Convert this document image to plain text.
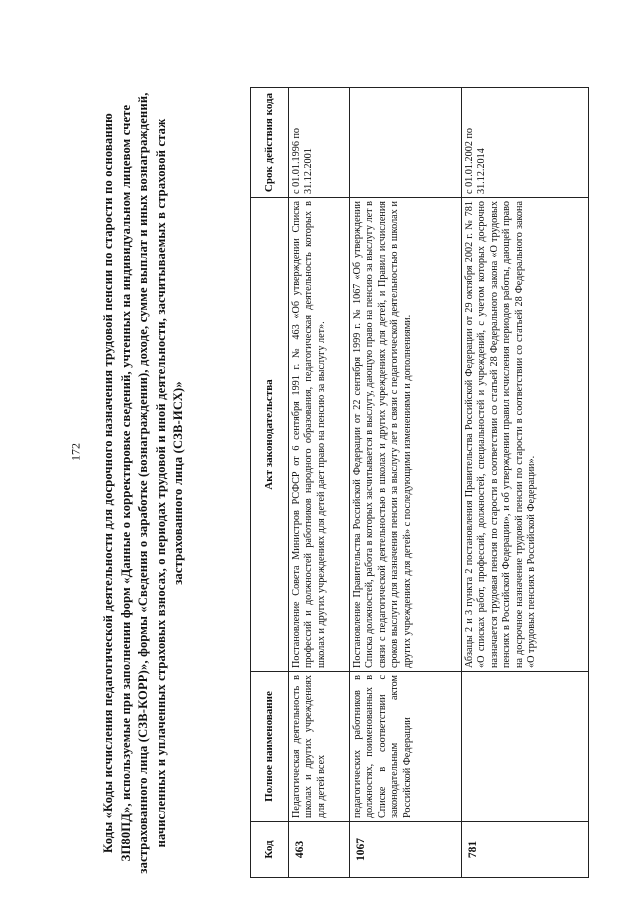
172 Коды «Коды исчисления педагогической деятельности для досрочного назначения трудовой пенсии по старости по основанию ЗП80ПД», используемые при заполнении форм «Данные о корректировке сведений, учтенных на индивидуальном лицевом счете застрахованного лица (СЗВ-КОРР)», формы «Сведения о заработке (вознаграждении), доходе, сумме выплат и иных вознаграждений, начисленных и уплаченных страховых взносах, о периодах трудовой и иной деятельности, засчитываемых в страховой стаж застрахованного лица (СЗВ-ИСХ)»
Код	Полное наименование	Акт законодательства	Срок действия кода
463	Педагогическая деятельность в школах и других учреждениях для детей всех	Постановление Совета Министров РСФСР от 6 сентября 1991 г. № 463 «Об утверждении Списка профессий и должностей работников народного образования, педагогическая деятельность которых в школах и других учреждениях для детей дает право на пенсию за выслугу лет».	с 01.01.1996 по 31.12.2001
1067	педагогических работников в должностях, поименованных в Списке в соответствии с законодательным актом Российской Федерации	Постановление Правительства Российской Федерации от 22 сентября 1999 г. № 1067 «Об утверждении Списка должностей, работа в которых засчитывается в выслугу, дающую право на пенсию за выслугу лет в связи с педагогической деятельностью в школах и других учреждениях для детей, и Правил исчисления сроков выслуги для назначения пенсии за выслугу лет в связи с педагогической деятельностью в школах и других учреждениях для детей» с последующими изменениями и дополнениями.	
781		Абзацы 2 и 3 пункта 2 постановления Правительства Российской Федерации от 29 октября 2002 г. № 781 «О списках работ, профессий, должностей, специальностей и учреждений, с учетом которых досрочно назначается трудовая пенсия по старости в соответствии со статьей 28 Федерального закона «О трудовых пенсиях в Российской Федерации», и об утверждении правил исчисления периодов работы, дающей право на досрочное назначение трудовой пенсии по старости в соответствии со статьей 28 Федерального закона «О трудовых пенсиях в Российской Федерации».	с 01.01.2002 по 31.12.2014
